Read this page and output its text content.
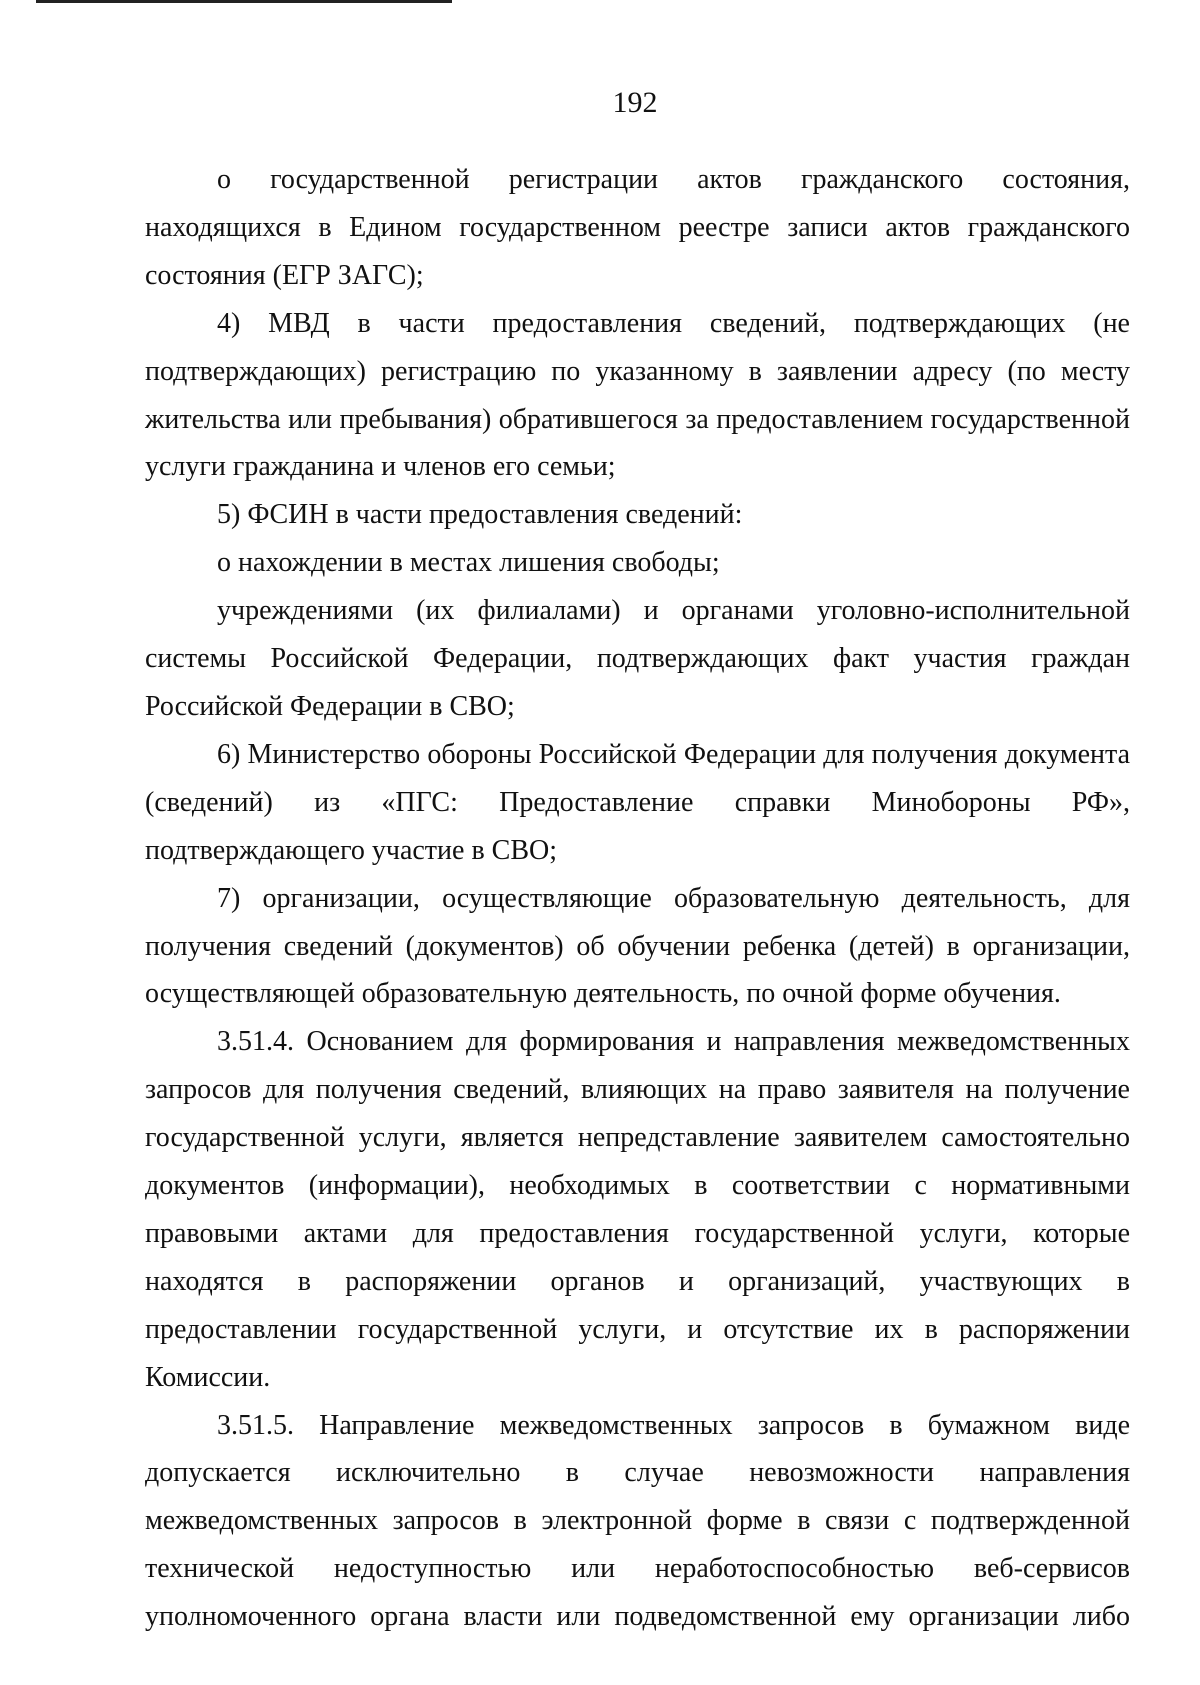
192

о государственной регистрации актов гражданского состояния, находящихся в Едином государственном реестре записи актов гражданского состояния (ЕГР ЗАГС);

4) МВД в части предоставления сведений, подтверждающих (не подтверждающих) регистрацию по указанному в заявлении адресу (по месту жительства или пребывания) обратившегося за предоставлением государственной услуги гражданина и членов его семьи;

5) ФСИН в части предоставления сведений:

о нахождении в местах лишения свободы;

учреждениями (их филиалами) и органами уголовно-исполнительной системы Российской Федерации, подтверждающих факт участия граждан Российской Федерации в СВО;

6) Министерство обороны Российской Федерации для получения документа (сведений) из «ПГС: Предоставление справки Минобороны РФ», подтверждающего участие в СВО;

7) организации, осуществляющие образовательную деятельность, для получения сведений (документов) об обучении ребенка (детей) в организации, осуществляющей образовательную деятельность, по очной форме обучения.

3.51.4. Основанием для формирования и направления межведомственных запросов для получения сведений, влияющих на право заявителя на получение государственной услуги, является непредставление заявителем самостоятельно документов (информации), необходимых в соответствии с нормативными правовыми актами для предоставления государственной услуги, которые находятся в распоряжении органов и организаций, участвующих в предоставлении государственной услуги, и отсутствие их в распоряжении Комиссии.

3.51.5. Направление межведомственных запросов в бумажном виде допускается исключительно в случае невозможности направления межведомственных запросов в электронной форме в связи с подтвержденной технической недоступностью или неработоспособностью веб-сервисов уполномоченного органа власти или подведомственной ему организации либо
